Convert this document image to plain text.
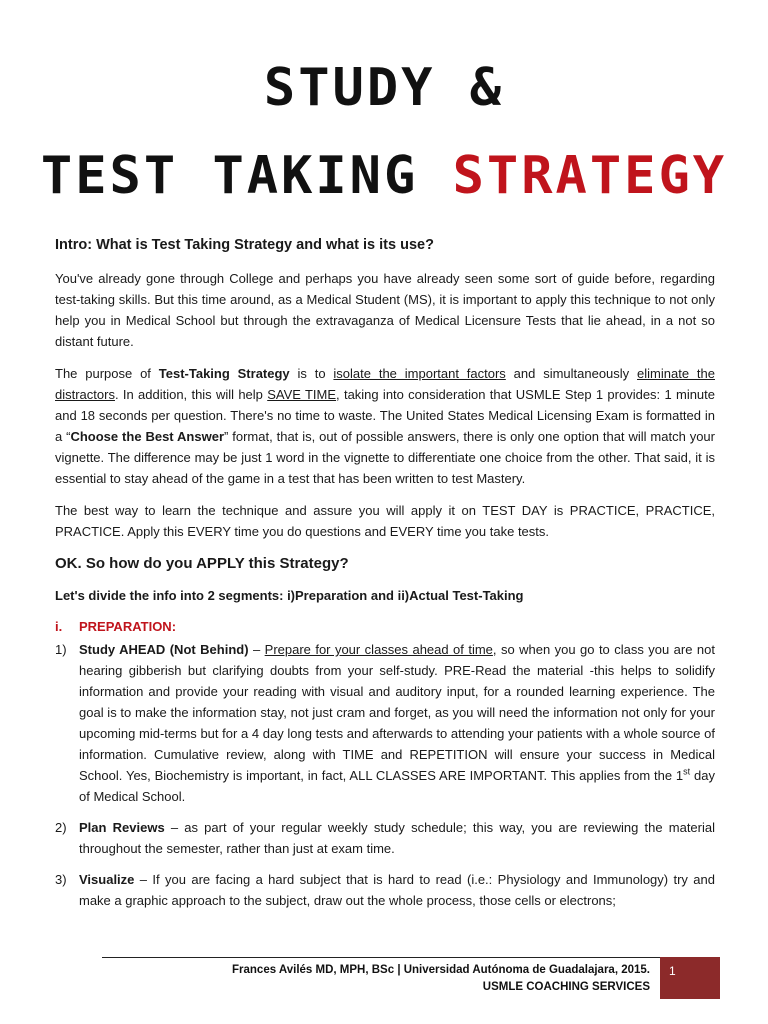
STUDY &
TEST TAKING STRATEGY
Intro: What is Test Taking Strategy and what is its use?

You've already gone through College and perhaps you have already seen some sort of guide before, regarding test-taking skills. But this time around, as a Medical Student (MS), it is important to apply this technique to not only help you in Medical School but through the extravaganza of Medical Licensure Tests that lie ahead, in a not so distant future.

The purpose of Test-Taking Strategy is to isolate the important factors and simultaneously eliminate the distractors. In addition, this will help SAVE TIME, taking into consideration that USMLE Step 1 provides: 1 minute and 18 seconds per question. There's no time to waste. The United States Medical Licensing Exam is formatted in a “Choose the Best Answer” format, that is, out of possible answers, there is only one option that will match your vignette. The difference may be just 1 word in the vignette to differentiate one choice from the other. That said, it is essential to stay ahead of the game in a test that has been written to test Mastery.

The best way to learn the technique and assure you will apply it on TEST DAY is PRACTICE, PRACTICE, PRACTICE. Apply this EVERY time you do questions and EVERY time you take tests.

OK. So how do you APPLY this Strategy?
Let's divide the info into 2 segments: i)Preparation and ii)Actual Test-Taking
i.	PREPARATION:
1) Study AHEAD (Not Behind) – Prepare for your classes ahead of time, so when you go to class you are not hearing gibberish but clarifying doubts from your self-study. PRE-Read the material -this helps to solidify information and provide your reading with visual and auditory input, for a rounded learning experience. The goal is to make the information stay, not just cram and forget, as you will need the information not only for your upcoming mid-terms but for a 4 day long tests and afterwards to attending your patients with a whole source of information. Cumulative review, along with TIME and REPETITION will ensure your success in Medical School. Yes, Biochemistry is important, in fact, ALL CLASSES ARE IMPORTANT. This applies from the 1st day of Medical School.
2) Plan Reviews – as part of your regular weekly study schedule; this way, you are reviewing the material throughout the semester, rather than just at exam time.
3) Visualize – If you are facing a hard subject that is hard to read (i.e.: Physiology and Immunology) try and make a graphic approach to the subject, draw out the whole process, those cells or electrons;
Frances Avilés MD, MPH, BSc | Universidad Autónoma de Guadalajara, 2015.
USMLE COACHING SERVICES
1
